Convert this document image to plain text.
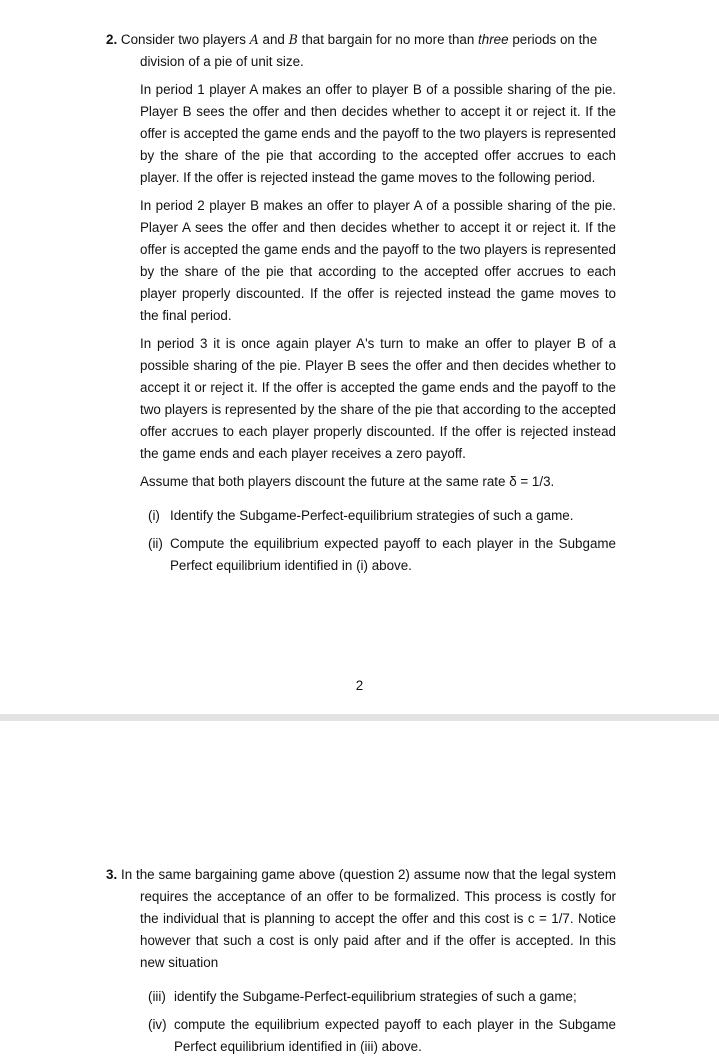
2. Consider two players A and B that bargain for no more than three periods on the division of a pie of unit size.

In period 1 player A makes an offer to player B of a possible sharing of the pie. Player B sees the offer and then decides whether to accept it or reject it. If the offer is accepted the game ends and the payoff to the two players is represented by the share of the pie that according to the accepted offer accrues to each player. If the offer is rejected instead the game moves to the following period.

In period 2 player B makes an offer to player A of a possible sharing of the pie. Player A sees the offer and then decides whether to accept it or reject it. If the offer is accepted the game ends and the payoff to the two players is represented by the share of the pie that according to the accepted offer accrues to each player properly discounted. If the offer is rejected instead the game moves to the final period.

In period 3 it is once again player A's turn to make an offer to player B of a possible sharing of the pie. Player B sees the offer and then decides whether to accept it or reject it. If the offer is accepted the game ends and the payoff to the two players is represented by the share of the pie that according to the accepted offer accrues to each player properly discounted. If the offer is rejected instead the game ends and each player receives a zero payoff.

Assume that both players discount the future at the same rate δ = 1/3.

(i) Identify the Subgame-Perfect-equilibrium strategies of such a game.
(ii) Compute the equilibrium expected payoff to each player in the Subgame Perfect equilibrium identified in (i) above.
2
3. In the same bargaining game above (question 2) assume now that the legal system requires the acceptance of an offer to be formalized. This process is costly for the individual that is planning to accept the offer and this cost is c = 1/7. Notice however that such a cost is only paid after and if the offer is accepted. In this new situation
(iii) identify the Subgame-Perfect-equilibrium strategies of such a game;
(iv) compute the equilibrium expected payoff to each player in the Subgame Perfect equilibrium identified in (iii) above.
